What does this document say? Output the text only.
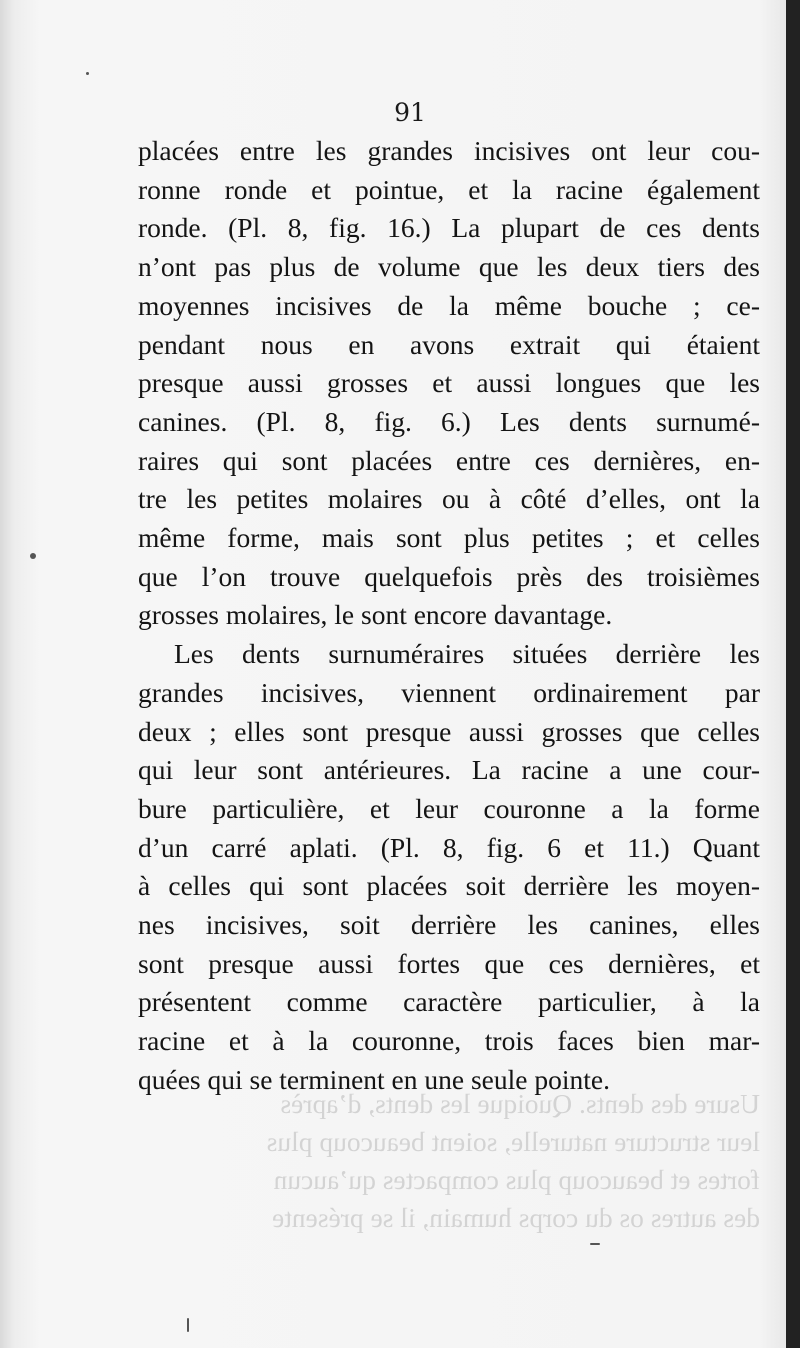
91
placées entre les grandes incisives ont leur cou-
ronne ronde et pointue, et la racine également
ronde. (Pl. 8, fig. 16.) La plupart de ces dents
n’ont pas plus de volume que les deux tiers des
moyennes incisives de la même bouche ; ce-
pendant nous en avons extrait qui étaient
presque aussi grosses et aussi longues que les
canines. (Pl. 8, fig. 6.) Les dents surnumé-
raires qui sont placées entre ces dernières, en-
tre les petites molaires ou à côté d’elles, ont la
même forme, mais sont plus petites ; et celles
que l’on trouve quelquefois près des troisièmes
grosses molaires, le sont encore davantage.
Les dents surnuméraires situées derrière les
grandes incisives, viennent ordinairement par
deux ; elles sont presque aussi grosses que celles
qui leur sont antérieures. La racine a une cour-
bure particulière, et leur couronne a la forme
d’un carré aplati. (Pl. 8, fig. 6 et 11.) Quant
à celles qui sont placées soit derrière les moyen-
nes incisives, soit derrière les canines, elles
sont presque aussi fortes que ces dernières, et
présentent comme caractère particulier, à la
racine et à la couronne, trois faces bien mar-
quées qui se terminent en une seule pointe.
Usure des dents. Quoique les dents, d’après
leur structure naturelle, soient beaucoup plus
fortes et beaucoup plus compactes qu’aucun
des autres os du corps humain, il se présente
